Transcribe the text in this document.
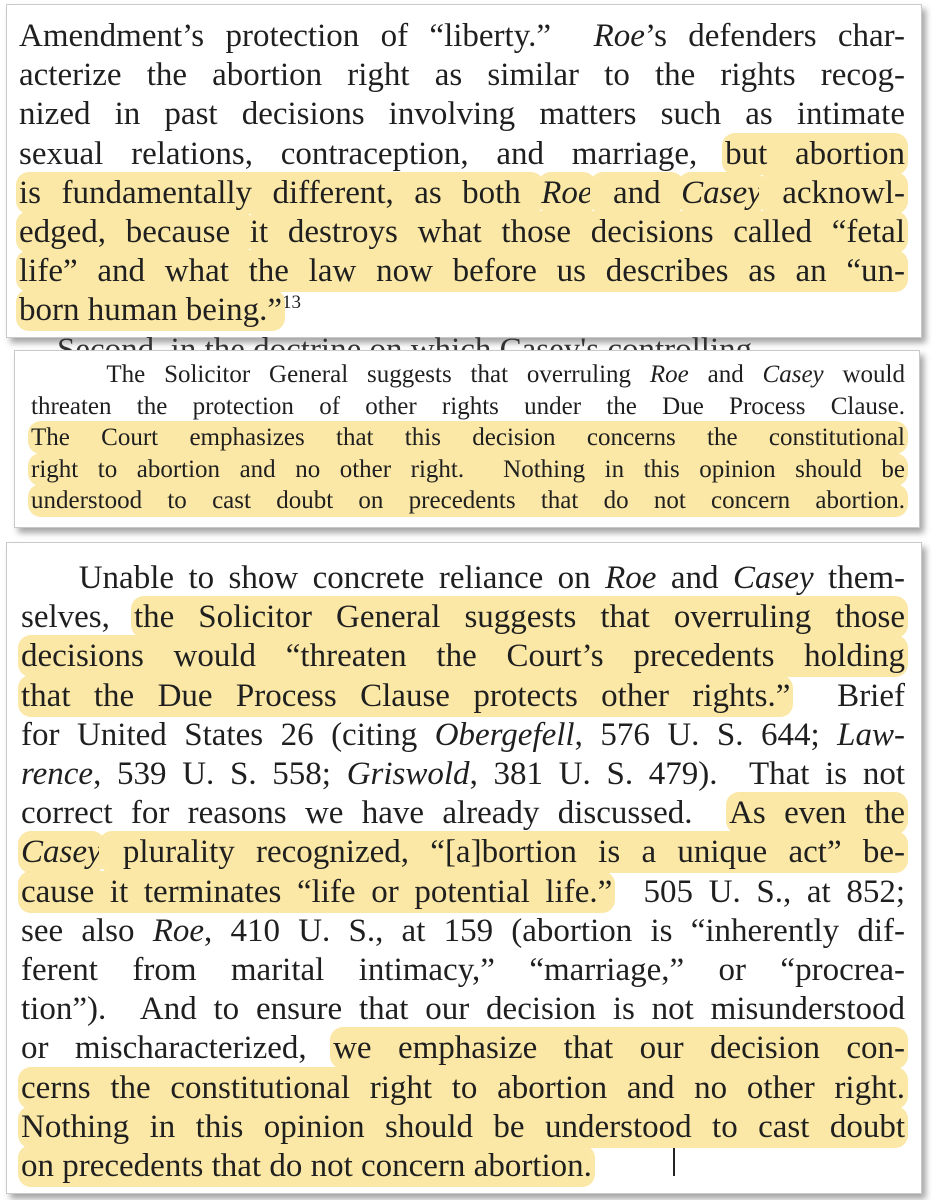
Amendment’s protection of “liberty.”  Roe’s defenders char-
acterize the abortion right as similar to the rights recog-
nized in past decisions involving matters such as intimate
sexual relations, contraception, and marriage, but abortion
is fundamentally different, as both Roe and Casey acknowl-
edged, because it destroys what those decisions called “fetal
life” and what the law now before us describes as an “un-
born human being.”$^{13}$
The Solicitor General suggests that overruling Roe and Casey would
threaten the protection of other rights under the Due Process Clause.
The Court emphasizes that this decision concerns the constitutional
right to abortion and no other right.  Nothing in this opinion should be
understood to cast doubt on precedents that do not concern abortion.
Unable to show concrete reliance on Roe and Casey them-
selves, the Solicitor General suggests that overruling those
decisions would “threaten the Court’s precedents holding
that the Due Process Clause protects other rights.”  Brief
for United States 26 (citing Obergefell, 576 U. S. 644; Law-
rence, 539 U. S. 558; Griswold, 381 U. S. 479).  That is not
correct for reasons we have already discussed.  As even the
Casey plurality recognized, “[a]bortion is a unique act” be-
cause it terminates “life or potential life.”  505 U. S., at 852;
see also Roe, 410 U. S., at 159 (abortion is “inherently dif-
ferent from marital intimacy,” “marriage,” or “procrea-
tion”).  And to ensure that our decision is not misunderstood
or mischaracterized, we emphasize that our decision con-
cerns the constitutional right to abortion and no other right.
Nothing in this opinion should be understood to cast doubt
on precedents that do not concern abortion.
